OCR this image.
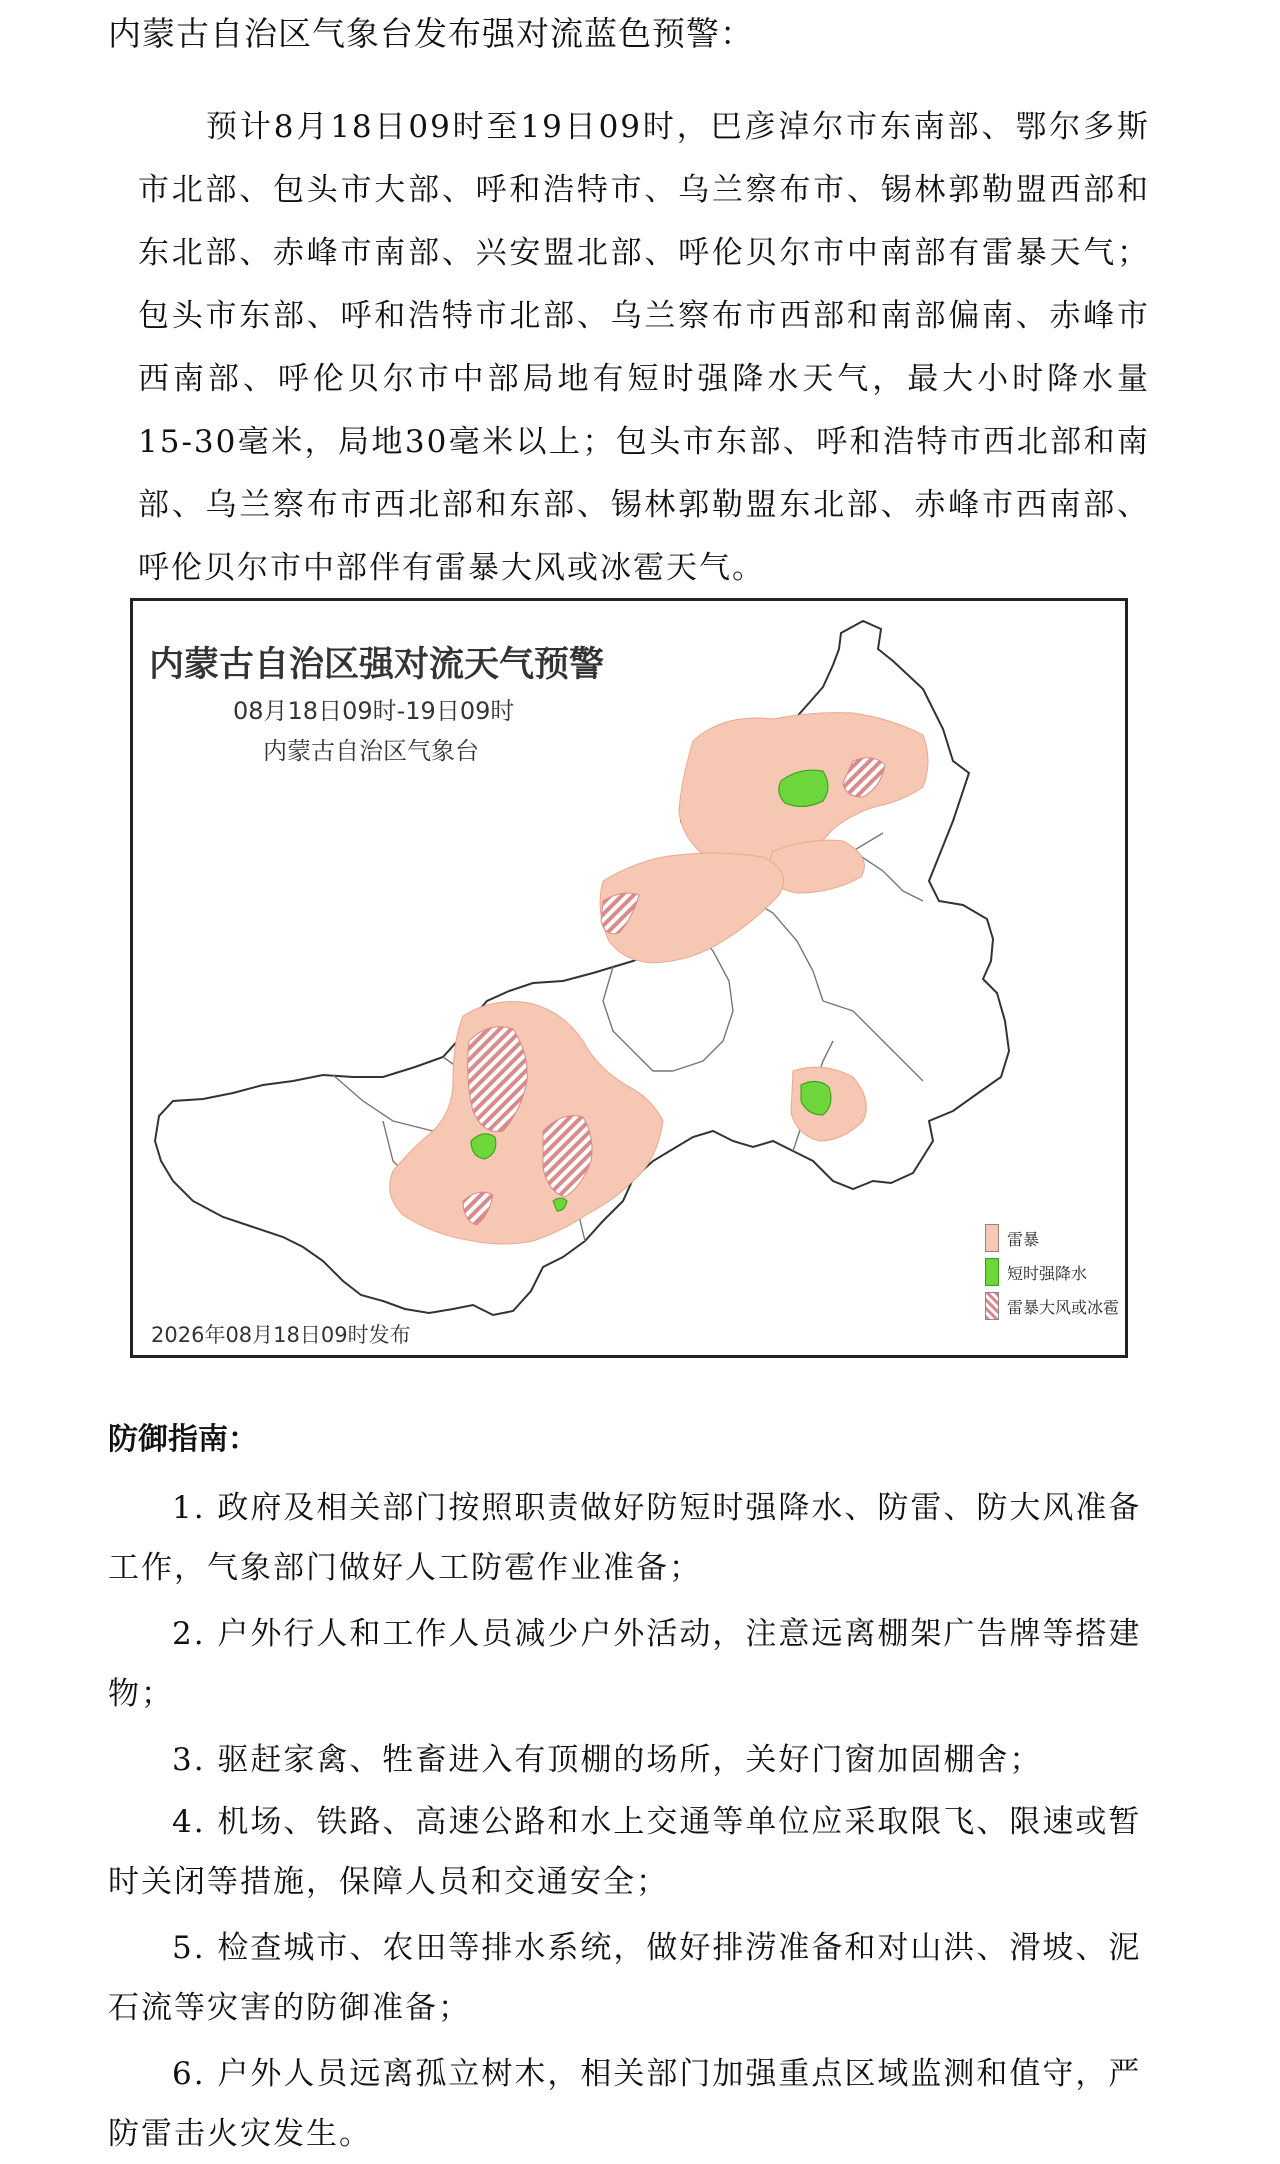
内蒙古自治区气象台发布强对流蓝色预警：

预计8月18日09时至19日09时，巴彦淖尔市东南部、鄂尔多斯市北部、包头市大部、呼和浩特市、乌兰察布市、锡林郭勒盟西部和东北部、赤峰市南部、兴安盟北部、呼伦贝尔市中南部有雷暴天气；包头市东部、呼和浩特市北部、乌兰察布市西部和南部偏南、赤峰市西南部、呼伦贝尔市中部局地有短时强降水天气，最大小时降水量15-30毫米，局地30毫米以上；包头市东部、呼和浩特市西北部和南部、乌兰察布市西北部和东部、锡林郭勒盟东北部、赤峰市西南部、呼伦贝尔市中部伴有雷暴大风或冰雹天气。

内蒙古自治区强对流天气预警
08月18日09时-19日09时
内蒙古自治区气象台
雷暴
短时强降水
雷暴大风或冰雹
2026年08月18日09时发布
防御指南：

1. 政府及相关部门按照职责做好防短时强降水、防雷、防大风准备工作，气象部门做好人工防雹作业准备；

2. 户外行人和工作人员减少户外活动，注意远离棚架广告牌等搭建物；

3. 驱赶家禽、牲畜进入有顶棚的场所，关好门窗加固棚舍；

4. 机场、铁路、高速公路和水上交通等单位应采取限飞、限速或暂时关闭等措施，保障人员和交通安全；

5. 检查城市、农田等排水系统，做好排涝准备和对山洪、滑坡、泥石流等灾害的防御准备；

6. 户外人员远离孤立树木，相关部门加强重点区域监测和值守，严防雷击火灾发生。
